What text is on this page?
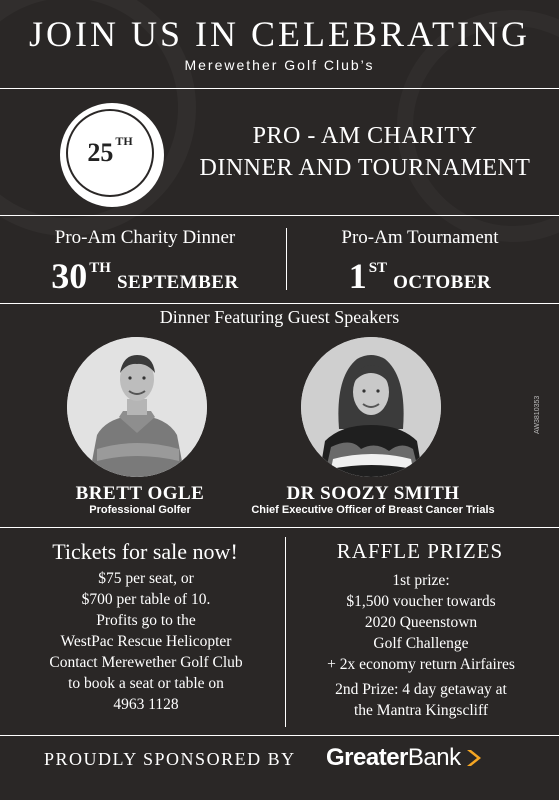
JOIN US IN CELEBRATING
Merewether Golf Club’s
25 TH	PRO - AM CHARITY
DINNER AND TOURNAMENT
Pro-Am Charity Dinner
30 THSEPTEMBER
Pro-Am Tournament
1 STOCTOBER
Dinner Featuring Guest Speakers
AW3810353
BRETT OGLE
Professional Golfer
DR SOOZY SMITH
Chief Executive Officer of Breast Cancer Trials
Tickets for sale now!
$75 per seat, or
$700 per table of 10.
Profits go to the
WestPac Rescue Helicopter
Contact Merewether Golf Club
to book a seat or table on
4963 1128
RAFFLE PRIZES
1st prize:
$1,500 voucher towards
2020 Queenstown
Golf Challenge
+ 2x economy return Airfaires
2nd Prize: 4 day getaway at
the Mantra Kingscliff
PROUDLY SPONSORED BY Greater Bank
